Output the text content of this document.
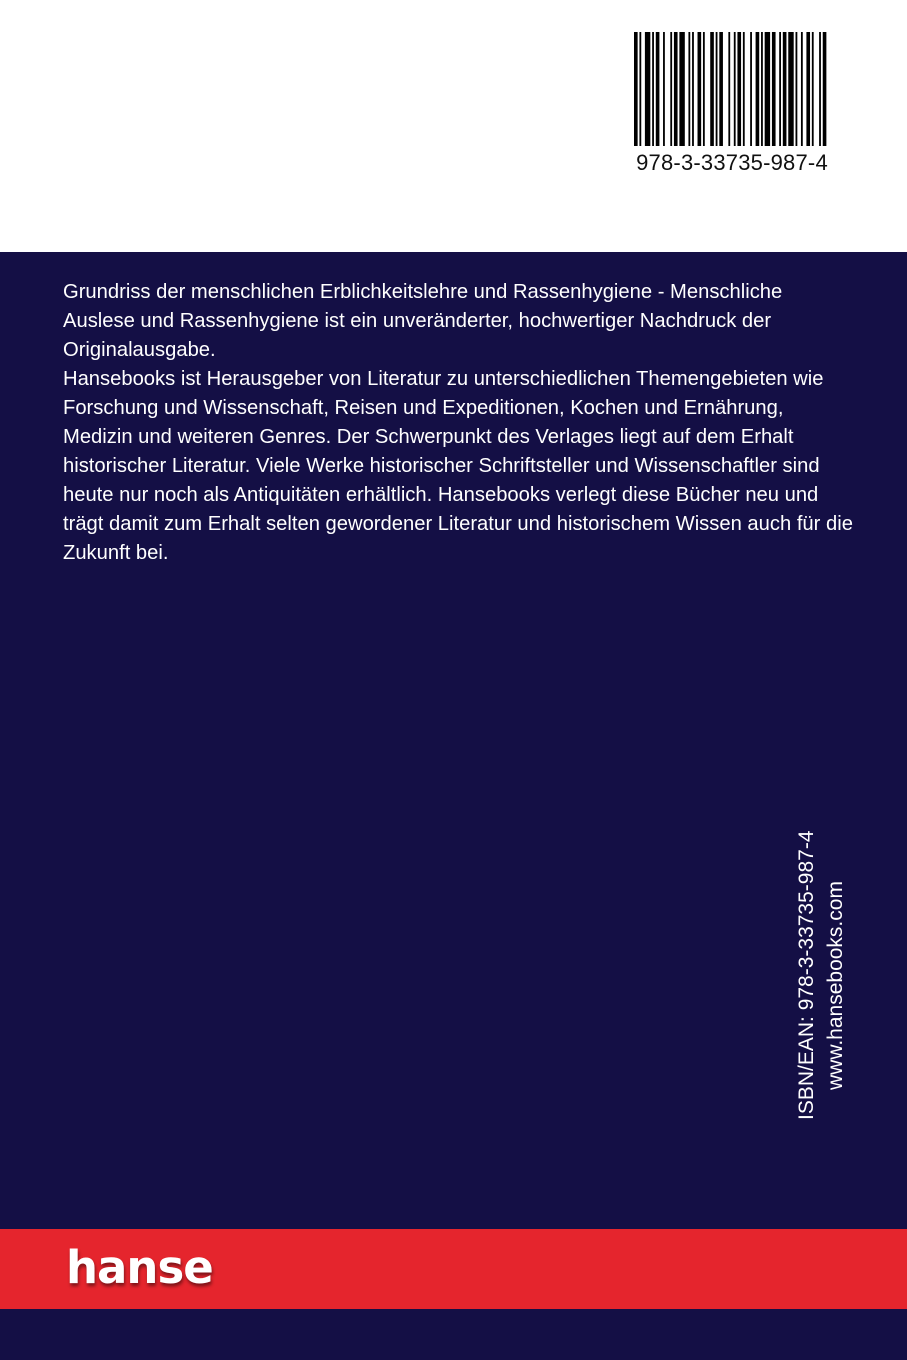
978-3-33735-987-4

Grundriss der menschlichen Erblichkeitslehre und Rassenhygiene - Menschliche Auslese und Rassenhygiene ist ein unveränderter, hochwertiger Nachdruck der Originalausgabe.

Hansebooks ist Herausgeber von Literatur zu unterschiedlichen Themengebieten wie Forschung und Wissenschaft, Reisen und Expeditionen, Kochen und Ernährung, Medizin und weiteren Genres. Der Schwerpunkt des Verlages liegt auf dem Erhalt historischer Literatur. Viele Werke historischer Schriftsteller und Wissenschaftler sind heute nur noch als Antiquitäten erhältlich. Hansebooks verlegt diese Bücher neu und trägt damit zum Erhalt selten gewordener Literatur und historischem Wissen auch für die Zukunft bei.

ISBN/EAN: 978-3-33735-987-4 www.hansebooks.com
hanse
